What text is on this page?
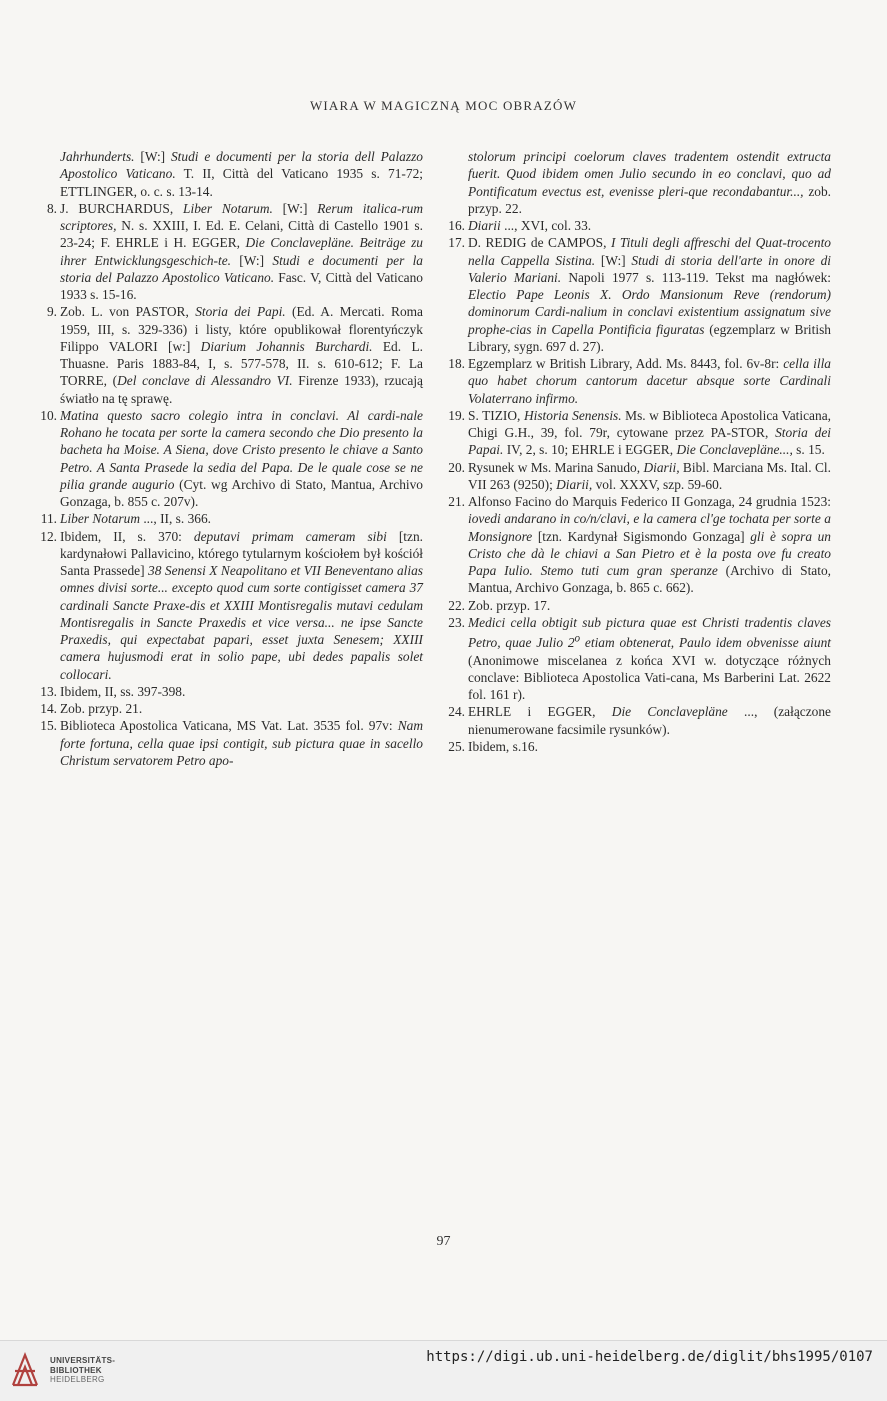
WIARA W MAGICZNĄ MOC OBRAZÓW
Jahrhunderts. [W:] Studi e documenti per la storia dell Palazzo Apostolico Vaticano. T. II, Città del Vaticano 1935 s. 71-72; ETTLINGER, o. c. s. 13-14.
8. J. BURCHARDUS, Liber Notarum. [W:] Rerum italica-rum scriptores, N. s. XXIII, I. Ed. E. Celani, Città di Castello 1901 s. 23-24; F. EHRLE i H. EGGER, Die Conclavepläne. Beiträge zu ihrer Entwicklungsgeschich-te. [W:] Studi e documenti per la storia del Palazzo Apostolico Vaticano. Fasc. V, Città del Vaticano 1933 s. 15-16.
9. Zob. L. von PASTOR, Storia dei Papi. (Ed. A. Mercati. Roma 1959, III, s. 329-336) i listy, które opublikował florentyńczyk Filippo VALORI [w:] Diarium Johannis Burchardi. Ed. L. Thuasne. Paris 1883-84, I, s. 577-578, II. s. 610-612; F. La TORRE, (Del conclave di Alessandro VI. Firenze 1933), rzucają światło na tę sprawę.
10. Matina questo sacro colegio intra in conclavi. Al cardi-nale Rohano he tocata per sorte la camera secondo che Dio presento la bacheta ha Moise. A Siena, dove Cristo presento le chiave a Santo Petro. A Santa Prasede la sedia del Papa. De le quale cose se ne pilia grande augurio (Cyt. wg Archivo di Stato, Mantua, Archivo Gonzaga, b. 855 c. 207v).
11. Liber Notarum ..., II, s. 366.
12. Ibidem, II, s. 370: deputavi primam cameram sibi [tzn. kardynałowi Pallavicino, którego tytularnym kościołem był kościół Santa Prassede] 38 Senensi X Neapolitano et VII Beneventano alias omnes divisi sorte... excepto quod cum sorte contigisset camera 37 cardinali Sancte Praxe-dis et XXIII Montisregalis mutavi cedulam Montisregalis in Sancte Praxedis et vice versa... ne ipse Sancte Praxedis, qui expectabat papari, esset juxta Senesem; XXIII camera hujusmodi erat in solio pape, ubi dedes papalis solet collocari.
13. Ibidem, II, ss. 397-398.
14. Zob. przyp. 21.
15. Biblioteca Apostolica Vaticana, MS Vat. Lat. 3535 fol. 97v: Nam forte fortuna, cella quae ipsi contigit, sub pictura quae in sacello Christum servatorem Petro apo-
stolorum principi coelorum claves tradentem ostendit extructa fuerit. Quod ibidem omen Julio secundo in eo conclavi, quo ad Pontificatum evectus est, evenisse pleri-que recondabantur..., zob. przyp. 22.
16. Diarii ..., XVI, col. 33.
17. D. REDIG de CAMPOS, I Tituli degli affreschi del Quat-trocento nella Cappella Sistina. [W:] Studi di storia dell'arte in onore di Valerio Mariani. Napoli 1977 s. 113-119. Tekst ma nagłówek: Electio Pape Leonis X. Ordo Mansionum Reve (rendorum) dominorum Cardi-nalium in conclavi existentium assignatum sive prophe-cias in Capella Pontificia figuratas (egzemplarz w British Library, sygn. 697 d. 27).
18. Egzemplarz w British Library, Add. Ms. 8443, fol. 6v-8r: cella illa quo habet chorum cantorum dacetur absque sorte Cardinali Volaterrano infirmo.
19. S. TIZIO, Historia Senensis. Ms. w Biblioteca Apostolica Vaticana, Chigi G.H., 39, fol. 79r, cytowane przez PA-STOR, Storia dei Papai. IV, 2, s. 10; EHRLE i EGGER, Die Conclavepläne..., s. 15.
20. Rysunek w Ms. Marina Sanudo, Diarii, Bibl. Marciana Ms. Ital. Cl. VII 263 (9250); Diarii, vol. XXXV, szp. 59-60.
21. Alfonso Facino do Marquis Federico II Gonzaga, 24 grudnia 1523: iovedi andarano in co/n/clavi, e la camera cl'ge tochata per sorte a Monsignore [tzn. Kardynał Sigismondo Gonzaga] gli è sopra un Cristo che dà le chiavi a San Pietro et è la posta ove fu creato Papa Iulio. Stemo tuti cum gran speranze (Archivo di Stato, Mantua, Archivo Gonzaga, b. 865 c. 662).
22. Zob. przyp. 17.
23. Medici cella obtigit sub pictura quae est Christi tradentis claves Petro, quae Julio 2$^o$ etiam obtenerat, Paulo idem obvenisse aiunt (Anonimowe miscelanea z końca XVI w. dotyczące różnych conclave: Biblioteca Apostolica Vati-cana, Ms Barberini Lat. 2622 fol. 161 r).
24. EHRLE i EGGER, Die Conclavepläne ..., (załączone nienumerowane facsimile rysunków).
25. Ibidem, s.16.
97
UNIVERSITÄTS-
BIBLIOTHEK
HEIDELBERG
https://digi.ub.uni-heidelberg.de/diglit/bhs1995/0107
